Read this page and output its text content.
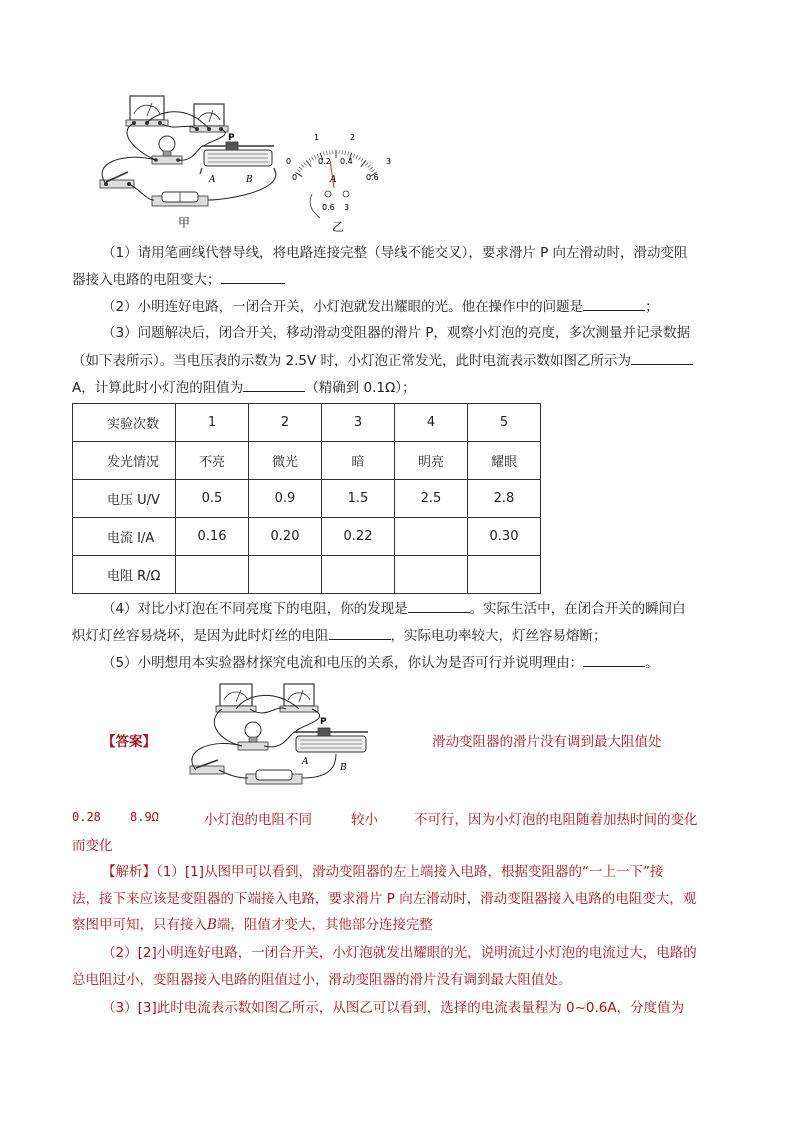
P
A	B
甲
0	3
1	2
0
0.2 0.4
0.6
A
0.6 3
乙
（1）请用笔画线代替导线，将电路连接完整（导线不能交叉），要求滑片 P 向左滑动时，滑动变阻
器接入电路的电阻变大；
（2）小明连好电路，一闭合开关，小灯泡就发出耀眼的光。他在操作中的问题是	；
（3）问题解决后，闭合开关，移动滑动变阻器的滑片 P，观察小灯泡的亮度，多次测量并记录数据
（如下表所示）。当电压表的示数为 2.5V 时，小灯泡正常发光，此时电流表示数如图乙所示为
A，计算此时小灯泡的阻值为	（精确到 0.1Ω）；
实验次数	1	2	3	4	5
发光情况	不亮	微光	暗	明亮	耀眼
电压 U/V	0.5	0.9	1.5	2.5	2.8
电流 I/A	0.16	0.20	0.22		0.30
电阻 R/Ω					
（4）对比小灯泡在不同亮度下的电阻，你的发现是	。实际生活中，在闭合开关的瞬间白
炽灯灯丝容易烧坏，是因为此时灯丝的电阻	，实际电功率较大，灯丝容易熔断；
（5）小明想用本实验器材探究电流和电压的关系，你认为是否可行并说明理由：	。
【答案】
P
A
B
滑动变阻器的滑片没有调到最大阻值处
0.28 8.9Ω	小灯泡的电阻不同	较小	不可行，因为小灯泡的电阻随着加热时间的变化
而变化
【解析】（1）[1]从图甲可以看到，滑动变阻器的左上端接入电路，根据变阻器的“一上一下”接
法，接下来应该是变阻器的下端接入电路，要求滑片 P 向左滑动时，滑动变阻器接入电路的电阻变大，观
察图甲可知，只有接入B端，阻值才变大，其他部分连接完整
（2）[2]小明连好电路，一闭合开关，小灯泡就发出耀眼的光，说明流过小灯泡的电流过大，电路的
总电阻过小，变阻器接入电路的阻值过小，滑动变阻器的滑片没有调到最大阻值处。
（3）[3]此时电流表示数如图乙所示，从图乙可以看到，选择的电流表量程为 0~0.6A，分度值为
